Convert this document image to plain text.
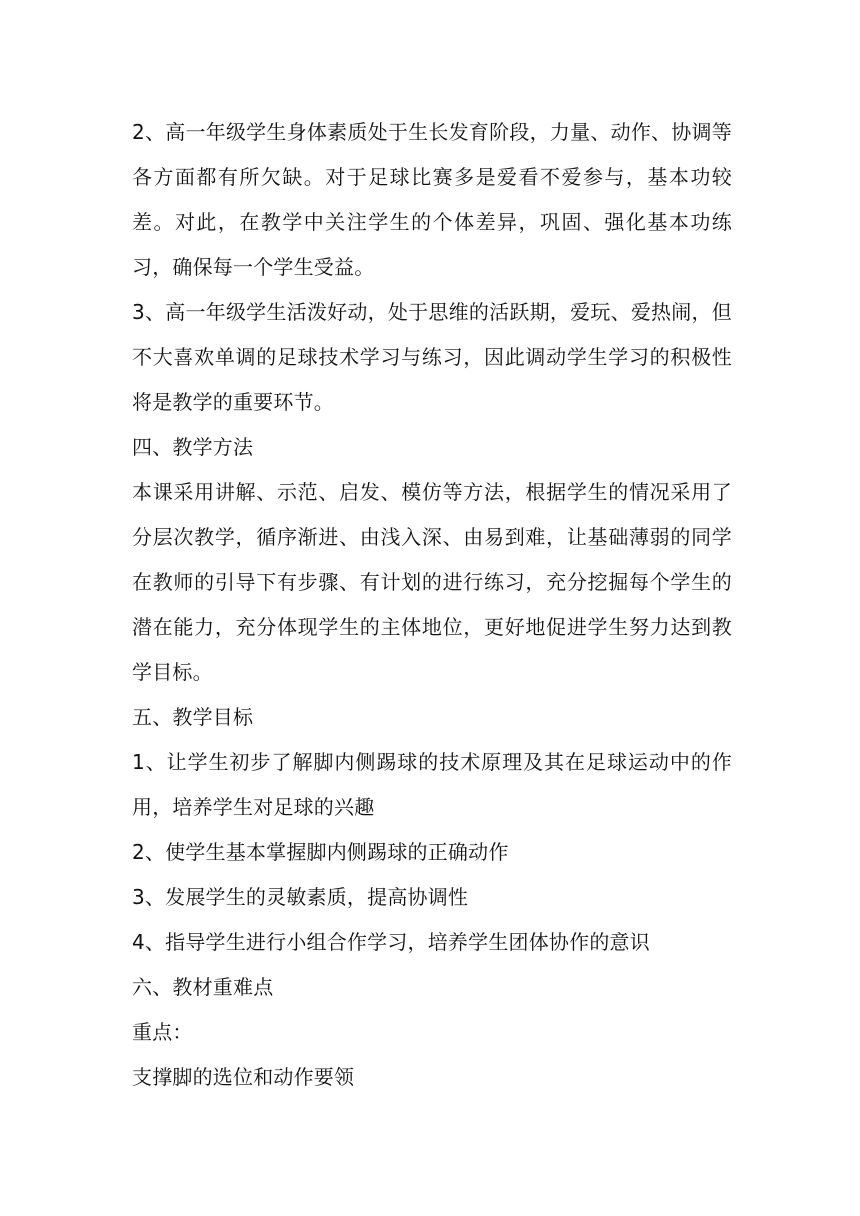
2、高一年级学生身体素质处于生长发育阶段，力量、动作、协调等各方面都有所欠缺。对于足球比赛多是爱看不爱参与，基本功较差。对此，在教学中关注学生的个体差异，巩固、强化基本功练习，确保每一个学生受益。

3、高一年级学生活泼好动，处于思维的活跃期，爱玩、爱热闹，但不大喜欢单调的足球技术学习与练习，因此调动学生学习的积极性将是教学的重要环节。

四、教学方法

本课采用讲解、示范、启发、模仿等方法，根据学生的情况采用了分层次教学，循序渐进、由浅入深、由易到难，让基础薄弱的同学在教师的引导下有步骤、有计划的进行练习，充分挖掘每个学生的潜在能力，充分体现学生的主体地位，更好地促进学生努力达到教学目标。

五、教学目标

1、让学生初步了解脚内侧踢球的技术原理及其在足球运动中的作用，培养学生对足球的兴趣

2、使学生基本掌握脚内侧踢球的正确动作

3、发展学生的灵敏素质，提高协调性

4、指导学生进行小组合作学习，培养学生团体协作的意识

六、教材重难点

重点：

支撑脚的选位和动作要领
